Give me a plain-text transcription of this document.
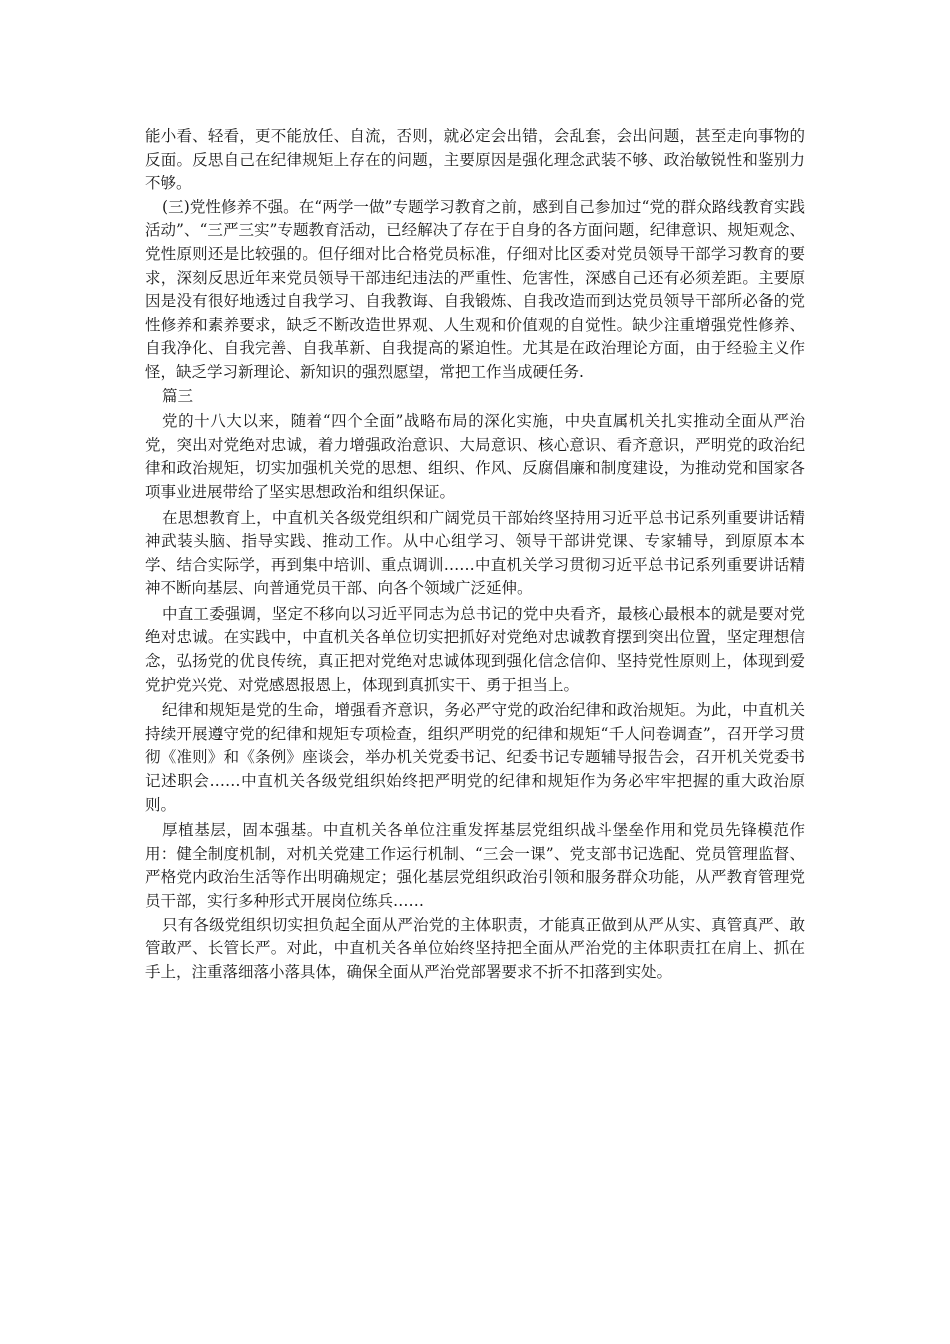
能小看、轻看，更不能放任、自流，否则，就必定会出错，会乱套，会出问题，甚至走向事物的反面。反思自己在纪律规矩上存在的问题，主要原因是强化理念武装不够、政治敏锐性和鉴别力不够。

(三)党性修养不强。在“两学一做”专题学习教育之前，感到自己参加过“党的群众路线教育实践活动”、“三严三实”专题教育活动，已经解决了存在于自身的各方面问题，纪律意识、规矩观念、党性原则还是比较强的。但仔细对比合格党员标准，仔细对比区委对党员领导干部学习教育的要求，深刻反思近年来党员领导干部违纪违法的严重性、危害性，深感自己还有必须差距。主要原因是没有很好地透过自我学习、自我教诲、自我锻炼、自我改造而到达党员领导干部所必备的党性修养和素养要求，缺乏不断改造世界观、人生观和价值观的自觉性。缺少注重增强党性修养、自我净化、自我完善、自我革新、自我提高的紧迫性。尤其是在政治理论方面，由于经验主义作怪，缺乏学习新理论、新知识的强烈愿望，常把工作当成硬任务.

篇三

党的十八大以来，随着“四个全面”战略布局的深化实施，中央直属机关扎实推动全面从严治党，突出对党绝对忠诚，着力增强政治意识、大局意识、核心意识、看齐意识，严明党的政治纪律和政治规矩，切实加强机关党的思想、组织、作风、反腐倡廉和制度建设，为推动党和国家各项事业进展带给了坚实思想政治和组织保证。

在思想教育上，中直机关各级党组织和广阔党员干部始终坚持用习近平总书记系列重要讲话精神武装头脑、指导实践、推动工作。从中心组学习、领导干部讲党课、专家辅导，到原原本本学、结合实际学，再到集中培训、重点调训……中直机关学习贯彻习近平总书记系列重要讲话精神不断向基层、向普通党员干部、向各个领域广泛延伸。

中直工委强调，坚定不移向以习近平同志为总书记的党中央看齐，最核心最根本的就是要对党绝对忠诚。在实践中，中直机关各单位切实把抓好对党绝对忠诚教育摆到突出位置，坚定理想信念，弘扬党的优良传统，真正把对党绝对忠诚体现到强化信念信仰、坚持党性原则上，体现到爱党护党兴党、对党感恩报恩上，体现到真抓实干、勇于担当上。

纪律和规矩是党的生命，增强看齐意识，务必严守党的政治纪律和政治规矩。为此，中直机关持续开展遵守党的纪律和规矩专项检查，组织严明党的纪律和规矩“千人问卷调查”，召开学习贯彻《准则》和《条例》座谈会，举办机关党委书记、纪委书记专题辅导报告会，召开机关党委书记述职会……中直机关各级党组织始终把严明党的纪律和规矩作为务必牢牢把握的重大政治原则。

厚植基层，固本强基。中直机关各单位注重发挥基层党组织战斗堡垒作用和党员先锋模范作用：健全制度机制，对机关党建工作运行机制、“三会一课”、党支部书记选配、党员管理监督、严格党内政治生活等作出明确规定；强化基层党组织政治引领和服务群众功能，从严教育管理党员干部，实行多种形式开展岗位练兵……

只有各级党组织切实担负起全面从严治党的主体职责，才能真正做到从严从实、真管真严、敢管敢严、长管长严。对此，中直机关各单位始终坚持把全面从严治党的主体职责扛在肩上、抓在手上，注重落细落小落具体，确保全面从严治党部署要求不折不扣落到实处。
